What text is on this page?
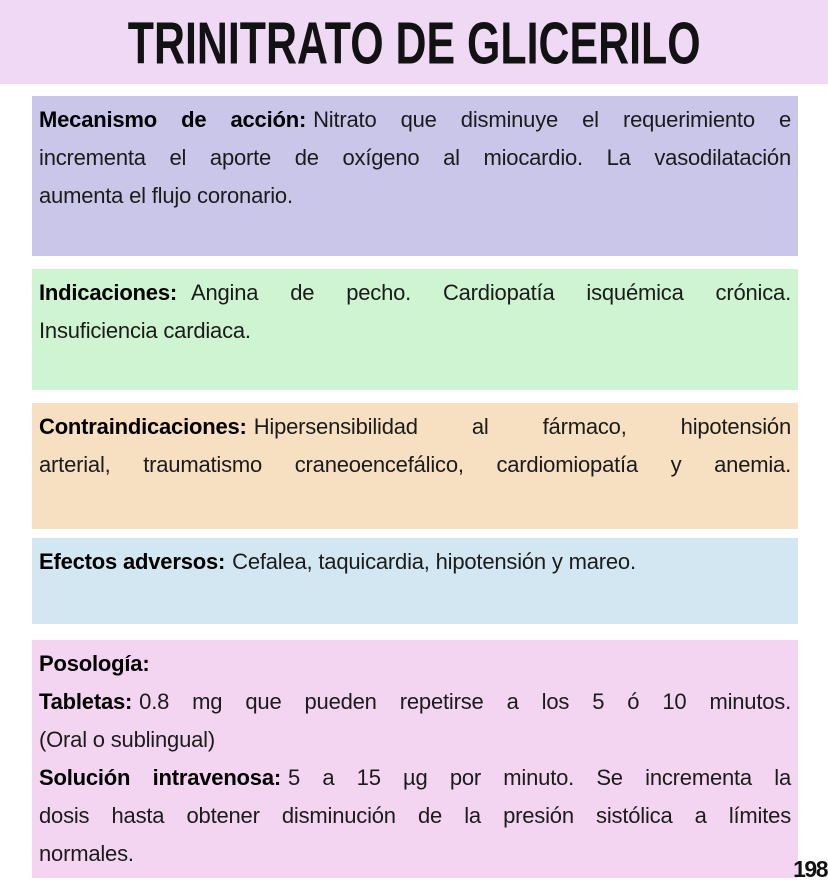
TRINITRATO DE GLICERILO

Mecanismo de acción: Nitrato que disminuye el requerimiento e

incrementa el aporte de oxígeno al miocardio. La vasodilatación

aumenta el flujo coronario.

Indicaciones: Angina de pecho. Cardiopatía isquémica crónica.

Insuficiencia cardiaca.

Contraindicaciones: Hipersensibilidad al fármaco, hipotensión

arterial, traumatismo craneoencefálico, cardiomiopatía y anemia.

Efectos adversos: Cefalea, taquicardia, hipotensión y mareo.

Posología:

Tabletas: 0.8 mg que pueden repetirse a los 5 ó 10 minutos.

(Oral o sublingual)

Solución intravenosa: 5 a 15 µg por minuto. Se incrementa la

dosis hasta obtener disminución de la presión sistólica a límites

normales.

198
